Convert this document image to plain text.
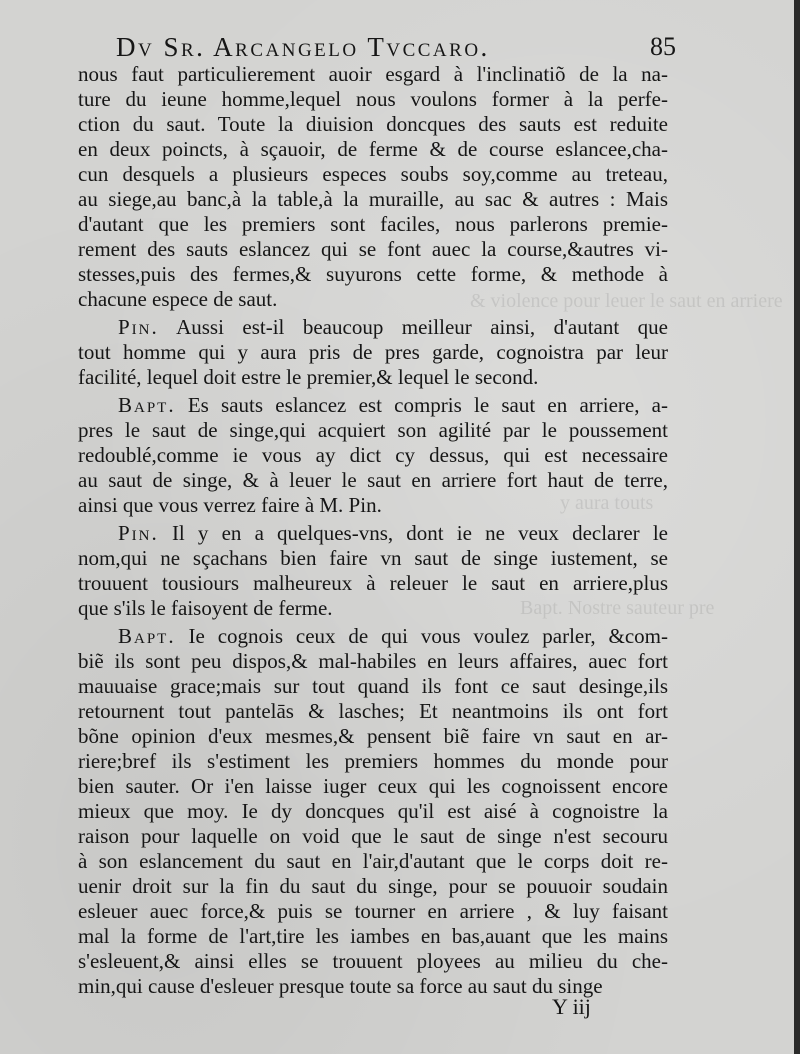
Dv Sr. Arcangelo Tvccaro.	85
& violence pour leuer le saut en arriere
y aura touts
Bapt. Nostre sauteur pre
nous faut particulierement auoir esgard à l'inclinatiõ de la na-
ture du ieune homme,lequel nous voulons former à la perfe-
ction du saut. Toute la diuision doncques des sauts est reduite
en deux poincts, à sçauoir, de ferme & de course eslancee,cha-
cun desquels a plusieurs especes soubs soy,comme au treteau,
au siege,au banc,à la table,à la muraille, au sac & autres : Mais
d'autant que les premiers sont faciles, nous parlerons premie-
rement des sauts eslancez qui se font auec la course,&autres vi-
stesses,puis des fermes,& suyurons cette forme, & methode à
chacune espece de saut.
Pin. Aussi est-il beaucoup meilleur ainsi, d'autant que
tout homme qui y aura pris de pres garde, cognoistra par leur
facilité, lequel doit estre le premier,& lequel le second.
Bapt. Es sauts eslancez est compris le saut en arriere, a-
pres le saut de singe,qui acquiert son agilité par le poussement
redoublé,comme ie vous ay dict cy dessus, qui est necessaire
au saut de singe, & à leuer le saut en arriere fort haut de terre,
ainsi que vous verrez faire à M. Pin.
Pin. Il y en a quelques-vns, dont ie ne veux declarer le
nom,qui ne sçachans bien faire vn saut de singe iustement, se
trouuent tousiours malheureux à releuer le saut en arriere,plus
que s'ils le faisoyent de ferme.
Bapt. Ie cognois ceux de qui vous voulez parler, &com-
biẽ ils sont peu dispos,& mal-habiles en leurs affaires, auec fort
mauuaise grace;mais sur tout quand ils font ce saut desinge,ils
retournent tout pantelās & lasches; Et neantmoins ils ont fort
bõne opinion d'eux mesmes,& pensent biẽ faire vn saut en ar-
riere;bref ils s'estiment les premiers hommes du monde pour
bien sauter. Or i'en laisse iuger ceux qui les cognoissent encore
mieux que moy. Ie dy doncques qu'il est aisé à cognoistre la
raison pour laquelle on void que le saut de singe n'est secouru
à son eslancement du saut en l'air,d'autant que le corps doit re-
uenir droit sur la fin du saut du singe, pour se pouuoir soudain
esleuer auec force,& puis se tourner en arriere , & luy faisant
mal la forme de l'art,tire les iambes en bas,auant que les mains
s'esleuent,& ainsi elles se trouuent ployees au milieu du che-
min,qui cause d'esleuer presque toute sa force au saut du singe
Y iij
